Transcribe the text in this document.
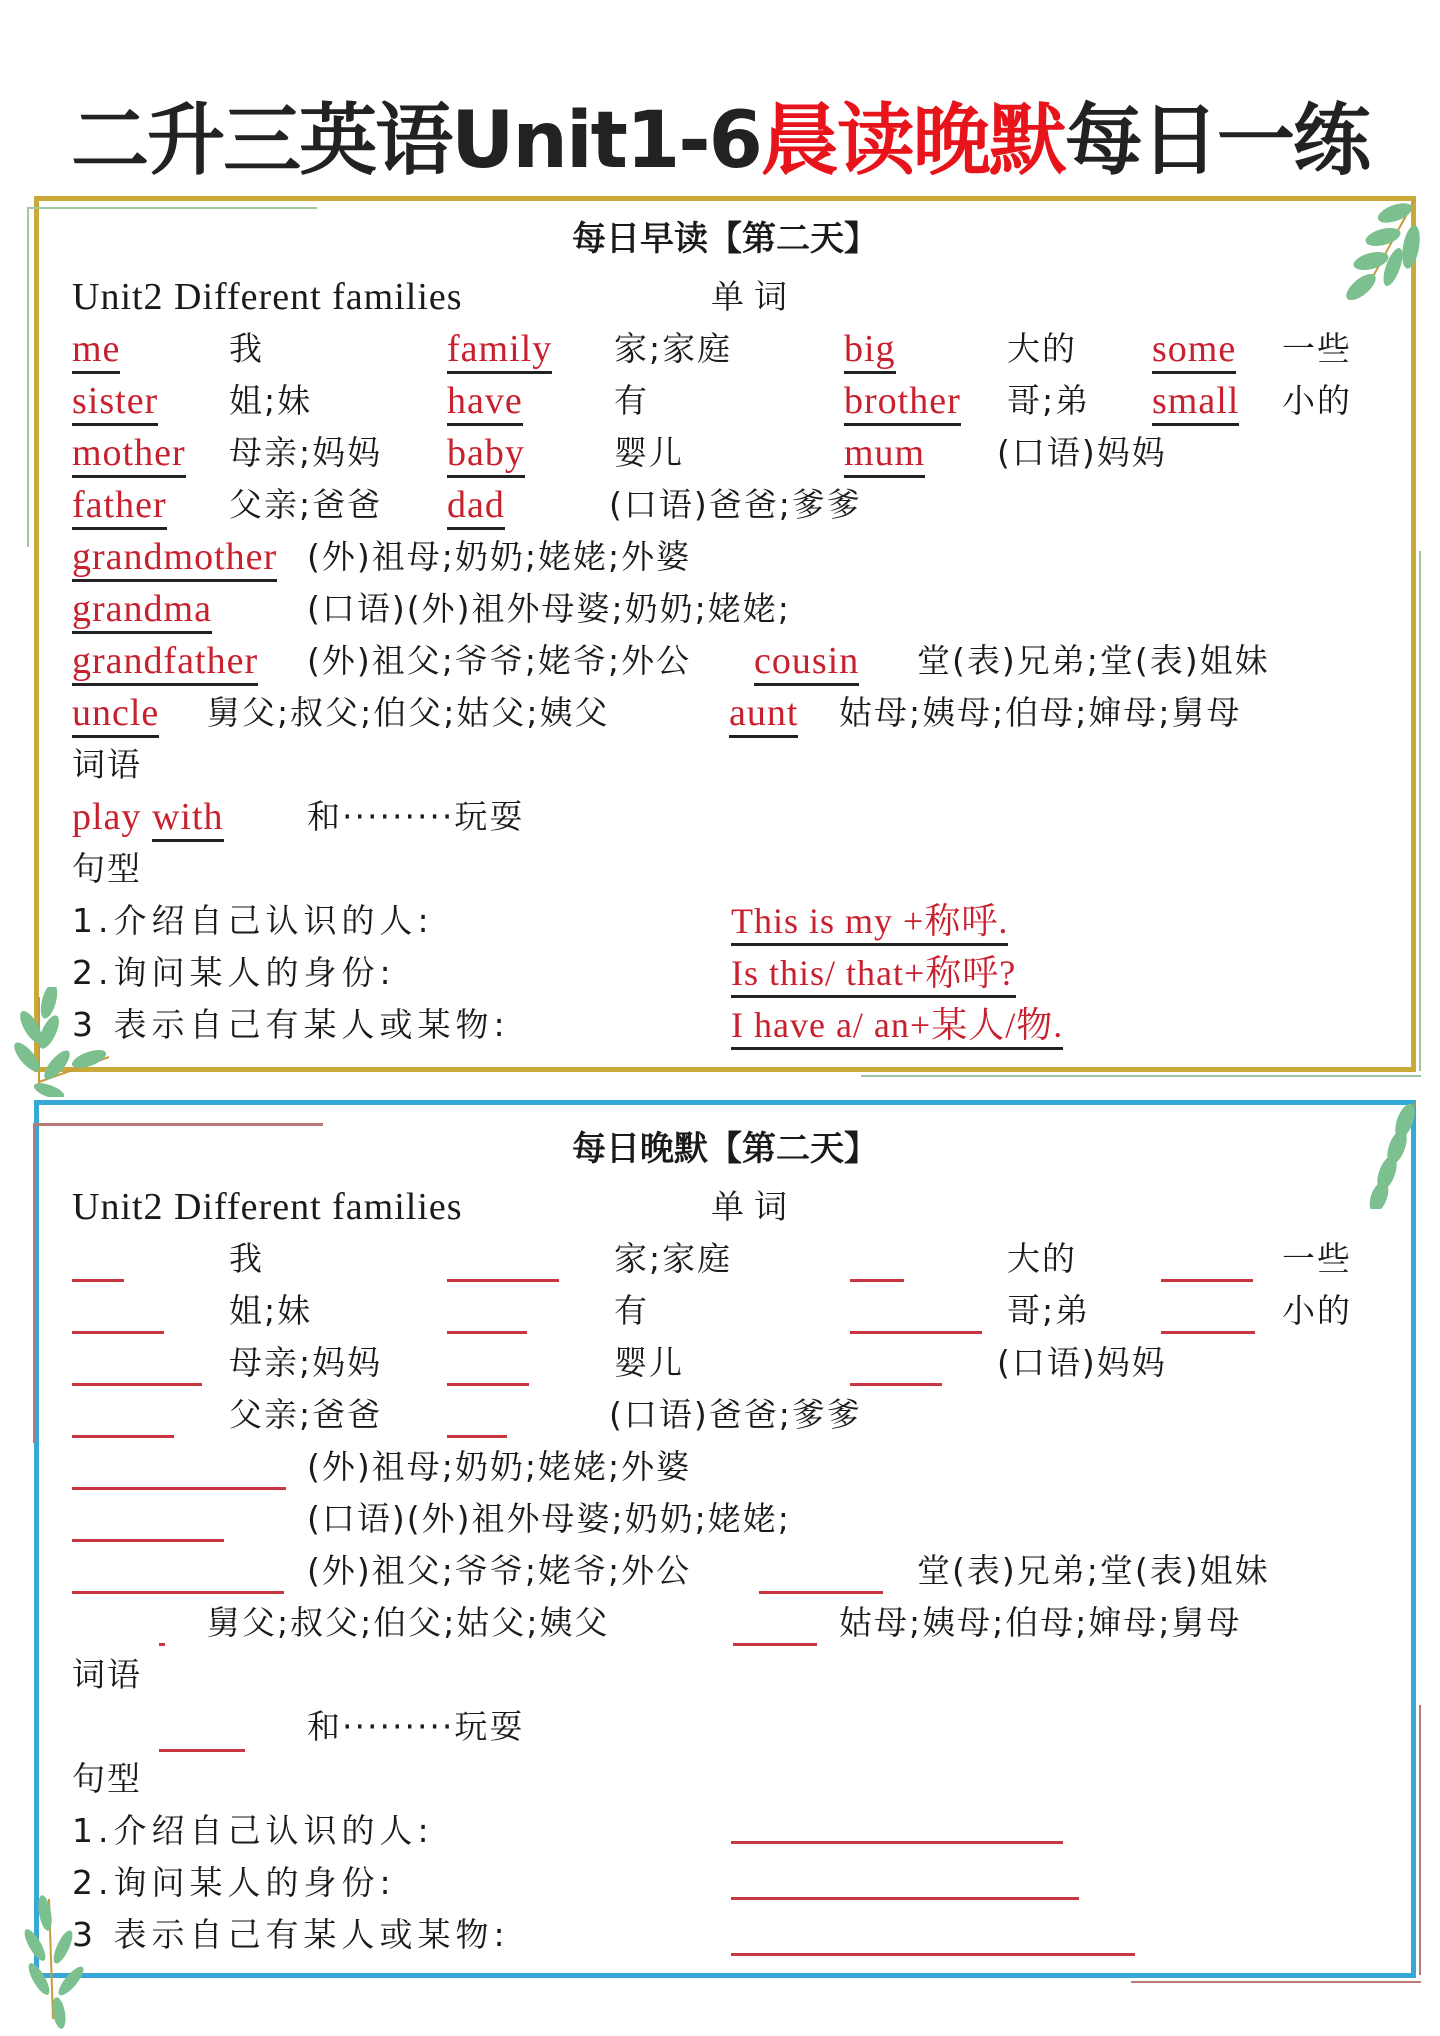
二升三英语Unit1-6晨读晚默每日一练
每日早读【第二天】
Unit2 Different families	单词
me	我	family 家;家庭	big	大的 some 一些
sister 姐;妹	have	有	brother 哥;弟 small 小的
mother 母亲;妈妈 baby	婴儿	mum (口语)妈妈
father 父亲;爸爸 dad	(口语)爸爸;爹爹
grandmother (外)祖母;奶奶;姥姥;外婆
grandma	(口语)(外)祖外母婆;奶奶;姥姥;
grandfather (外)祖父;爷爷;姥爷;外公 cousin 堂(表)兄弟;堂(表)姐妹
uncle 舅父;叔父;伯父;姑父;姨父	aunt 姑母;姨母;伯母;婶母;舅母
词语
play with	和·········玩耍
句型
1.介绍自己认识的人:	This is my +称呼.
2.询问某人的身份:	Is this/ that+称呼?
3 表示自己有某人或某物:	I have a/ an+某人/物.
每日晚默【第二天】
Unit2 Different families	单词
我	家;家庭	大的	一些
姐;妹	有	哥;弟	小的
母亲;妈妈	婴儿	(口语)妈妈
父亲;爸爸	(口语)爸爸;爹爹
(外)祖母;奶奶;姥姥;外婆
(口语)(外)祖外母婆;奶奶;姥姥;
(外)祖父;爷爷;姥爷;外公	堂(表)兄弟;堂(表)姐妹
舅父;叔父;伯父;姑父;姨父	姑母;姨母;伯母;婶母;舅母
词语
和·········玩耍
句型
1.介绍自己认识的人:
2.询问某人的身份:
3 表示自己有某人或某物:
